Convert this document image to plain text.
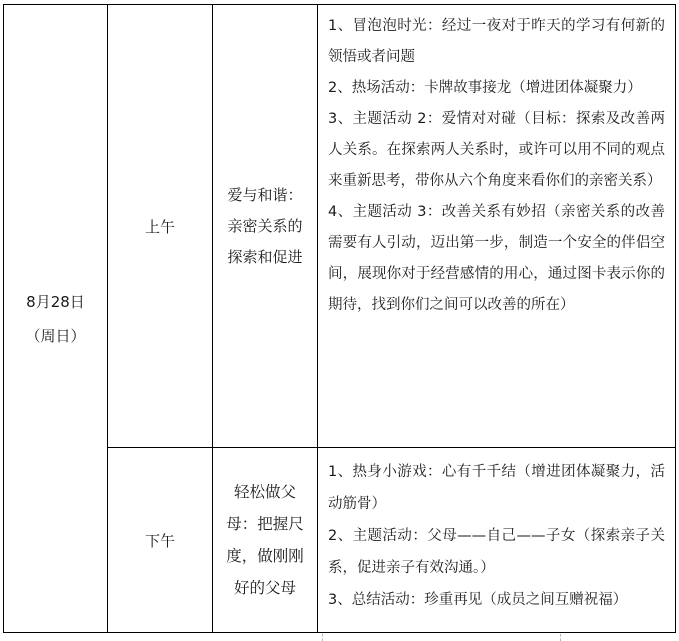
8月28日
（周日）
上午
爱与和谐：
亲密关系的
探索和促进

1、冒泡泡时光：经过一夜对于昨天的学习有何新的领悟或者问题

2、热场活动：卡牌故事接龙（增进团体凝聚力）

3、主题活动 2：爱情对对碰（目标：探索及改善两人关系。在探索两人关系时，或许可以用不同的观点来重新思考，带你从六个角度来看你们的亲密关系）

4、主题活动 3：改善关系有妙招（亲密关系的改善需要有人引动，迈出第一步，制造一个安全的伴侣空间，展现你对于经营感情的用心，通过图卡表示你的期待，找到你们之间可以改善的所在）

下午
轻松做父
母：把握尺
度，做刚刚
好的父母

1、热身小游戏：心有千千结（增进团体凝聚力，活动筋骨）

2、主题活动：父母——自己——子女（探索亲子关系，促进亲子有效沟通。）

3、总结活动：珍重再见（成员之间互赠祝福）
